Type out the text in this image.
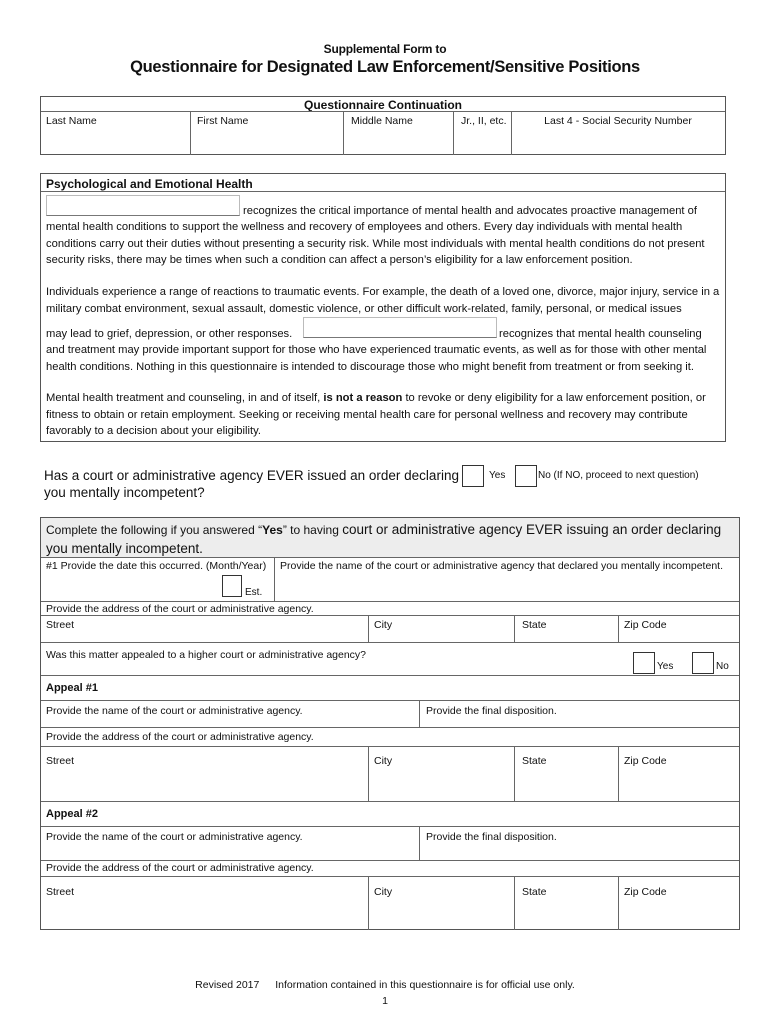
Supplemental Form to
Questionnaire for Designated Law Enforcement/Sensitive Positions
Questionnaire Continuation
Last Name	First Name	Middle Name	Jr., II, etc.	Last 4 - Social Security Number
Psychological and Emotional Health
recognizes the critical importance of mental health and advocates proactive management of
mental health conditions to support the wellness and recovery of employees and others. Every day individuals with mental health conditions carry out their duties without presenting a security risk. While most individuals with mental health conditions do not present security risks, there may be times when such a condition can affect a person’s eligibility for a law enforcement position.
Individuals experience a range of reactions to traumatic events. For example, the death of a loved one, divorce, major injury, service in a military combat environment, sexual assault, domestic violence, or other difficult work-related, family, personal, or medical issues
may lead to grief, depression, or other responses.	recognizes that mental health counseling
and treatment may provide important support for those who have experienced traumatic events, as well as for those with other mental health conditions. Nothing in this questionnaire is intended to discourage those who might benefit from treatment or from seeking it.
Mental health treatment and counseling, in and of itself, is not a reason to revoke or deny eligibility for a law enforcement position, or fitness to obtain or retain employment. Seeking or receiving mental health care for personal wellness and recovery may contribute favorably to a decision about your eligibility.
Has a court or administrative agency EVER issued an order declaring you mentally incompetent?
Yes	No (If NO, proceed to next question)
Complete the following if you answered “Yes” to having court or administrative agency EVER issuing an order declaring you mentally incompetent.
#1 Provide the date this occurred. (Month/Year) Provide the name of the court or administrative agency that declared you mentally incompetent.
Est.
Provide the address of the court or administrative agency.
Street	City	State	Zip Code
Was this matter appealed to a higher court or administrative agency?
Yes	No
Appeal #1
Provide the name of the court or administrative agency.	Provide the final disposition.
Provide the address of the court or administrative agency.
Street	City	State	Zip Code
Appeal #2
Provide the name of the court or administrative agency.	Provide the final disposition.
Provide the address of the court or administrative agency.
Street	City	State	Zip Code
Revised 2017 Information contained in this questionnaire is for official use only.
1
